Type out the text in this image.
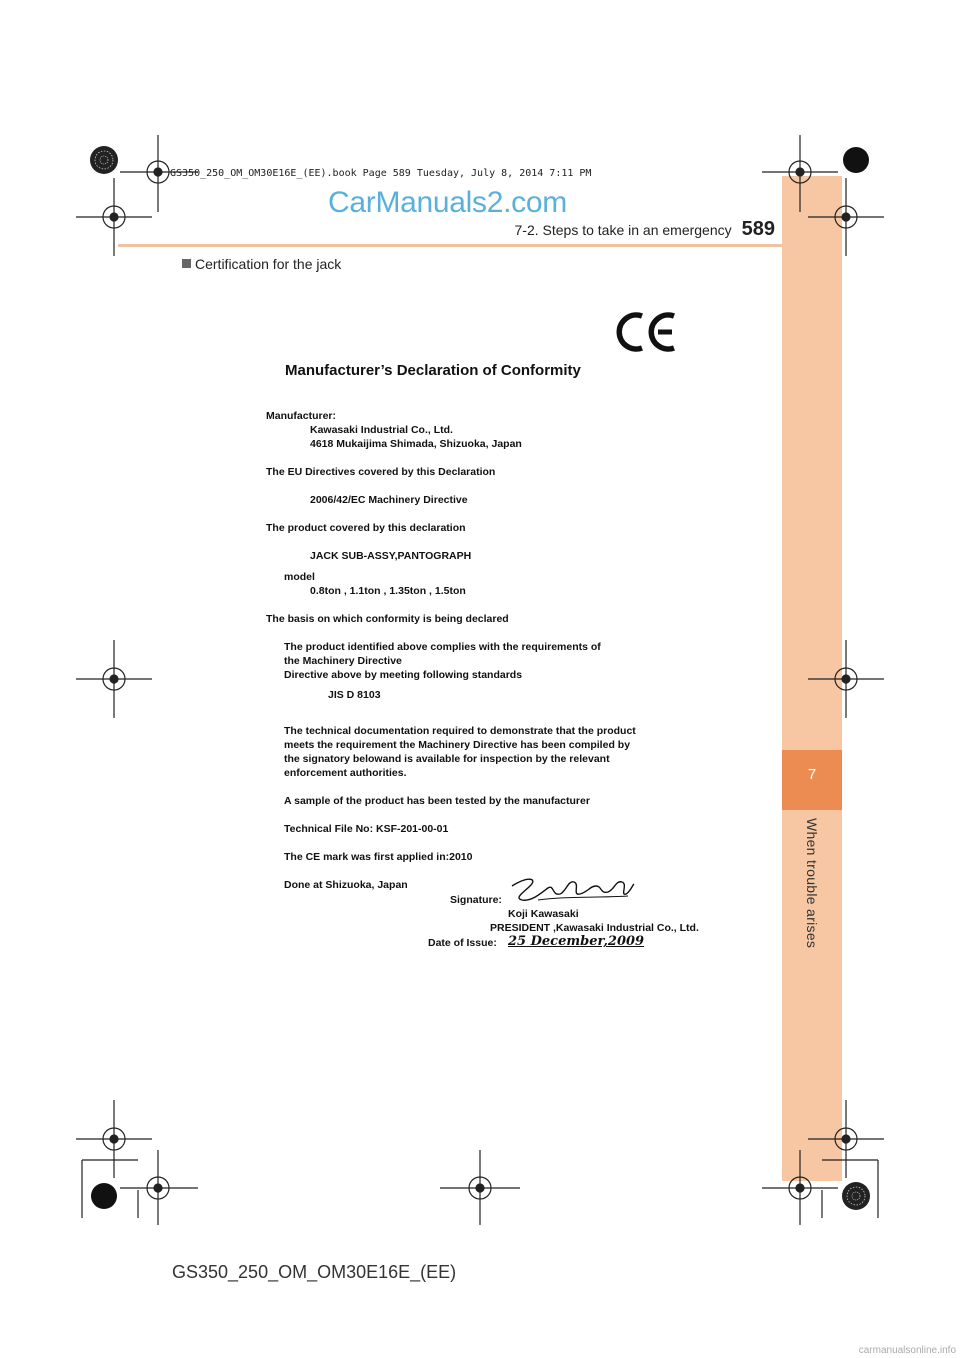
7
When trouble arises
GS350_250_OM_OM30E16E_(EE).book Page 589 Tuesday, July 8, 2014 7:11 PM
CarManuals2.com
7-2. Steps to take in an emergency 589
Certification for the jack
Manufacturer’s Declaration of Conformity
Manufacturer:
Kawasaki Industrial Co., Ltd.
4618 Mukaijima Shimada, Shizuoka, Japan
The EU Directives covered by this Declaration
2006/42/EC Machinery Directive
The product covered by this declaration
JACK SUB-ASSY,PANTOGRAPH
model
0.8ton , 1.1ton , 1.35ton , 1.5ton
The basis on which conformity is being declared
The product identified above complies with the requirements of
the Machinery Directive
Directive above by meeting following standards
JIS D 8103
The technical documentation required to demonstrate that the product
meets the requirement the Machinery Directive has been compiled by
the signatory belowand is available for inspection by the relevant
enforcement authorities.
A sample of the product has been tested by the manufacturer
Technical File No: KSF-201-00-01
The CE mark was first applied in:2010
Done at Shizuoka, Japan
Signature:
Koji Kawasaki
PRESIDENT ,Kawasaki Industrial Co., Ltd.
Date of Issue: 25 December,2009
GS350_250_OM_OM30E16E_(EE)
carmanualsonline.info
